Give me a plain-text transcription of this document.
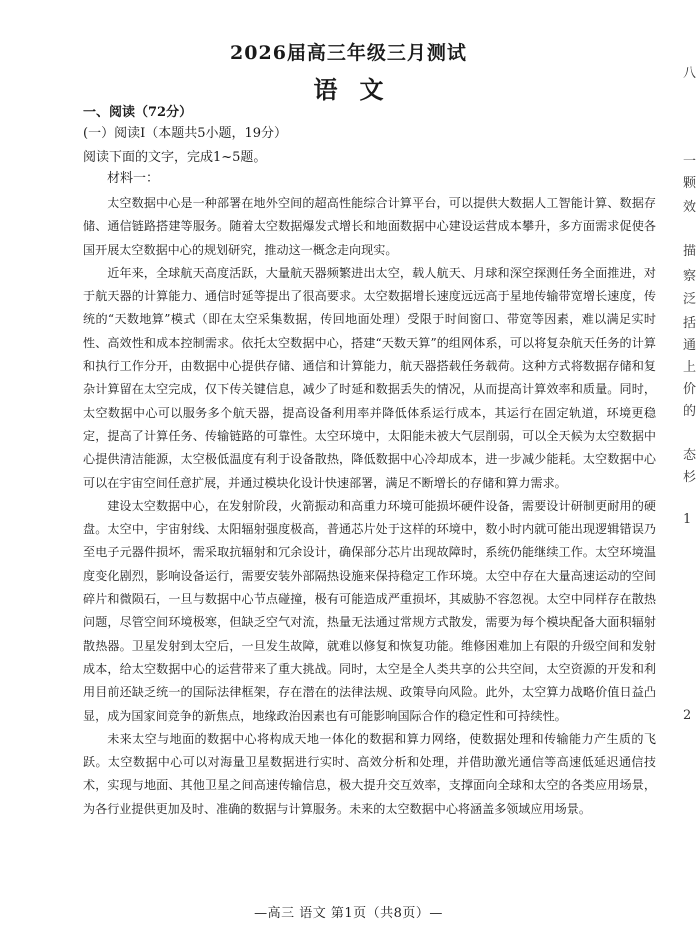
2026届高三年级三月测试
语文
一、阅读（72分）
(一）阅读I（本题共5小题，19分）
阅读下面的文字，完成1~5题。
材料一：

太空数据中心是一种部署在地外空间的超高性能综合计算平台，可以提供大数据人工智能计算、数据存储、通信链路搭建等服务。随着太空数据爆发式增长和地面数据中心建设运营成本攀升，多方面需求促使各国开展太空数据中心的规划研究，推动这一概念走向现实。

近年来，全球航天高度活跃，大量航天器频繁进出太空，载人航天、月球和深空探测任务全面推进，对于航天器的计算能力、通信时延等提出了很高要求。太空数据增长速度远远高于星地传输带宽增长速度，传统的“天数地算”模式（即在太空采集数据，传回地面处理）受限于时间窗口、带宽等因素，难以满足实时性、高效性和成本控制需求。依托太空数据中心，搭建“天数天算”的组网体系，可以将复杂航天任务的计算和执行工作分开，由数据中心提供存储、通信和计算能力，航天器搭载任务载荷。这种方式将数据存储和复杂计算留在太空完成，仅下传关键信息，减少了时延和数据丢失的情况，从而提高计算效率和质量。同时，太空数据中心可以服务多个航天器，提高设备利用率并降低体系运行成本，其运行在固定轨道，环境更稳定，提高了计算任务、传输链路的可靠性。太空环境中，太阳能未被大气层削弱，可以全天候为太空数据中心提供清洁能源，太空极低温度有利于设备散热，降低数据中心冷却成本，进一步减少能耗。太空数据中心可以在宇宙空间任意扩展，并通过模块化设计快速部署，满足不断增长的存储和算力需求。

建设太空数据中心，在发射阶段，火箭振动和高重力环境可能损坏硬件设备，需要设计研制更耐用的硬盘。太空中，宇宙射线、太阳辐射强度极高，普通芯片处于这样的环境中，数小时内就可能出现逻辑错误乃至电子元器件损坏，需采取抗辐射和冗余设计，确保部分芯片出现故障时，系统仍能继续工作。太空环境温度变化剧烈，影响设备运行，需要安装外部隔热设施来保持稳定工作环境。太空中存在大量高速运动的空间碎片和微陨石，一旦与数据中心节点碰撞，极有可能造成严重损坏，其威胁不容忽视。太空中同样存在散热问题，尽管空间环境极寒，但缺乏空气对流，热量无法通过常规方式散发，需要为每个模块配备大面积辐射散热器。卫星发射到太空后，一旦发生故障，就难以修复和恢复功能。维修困难加上有限的升级空间和发射成本，给太空数据中心的运营带来了重大挑战。同时，太空是全人类共享的公共空间，太空资源的开发和利用目前还缺乏统一的国际法律框架，存在潜在的法律法规、政策导向风险。此外，太空算力战略价值日益凸显，成为国家间竞争的新焦点，地缘政治因素也有可能影响国际合作的稳定性和可持续性。

未来太空与地面的数据中心将构成天地一体化的数据和算力网络，使数据处理和传输能力产生质的飞跃。太空数据中心可以对海量卫星数据进行实时、高效分析和处理，并借助激光通信等高速低延迟通信技术，实现与地面、其他卫星之间高速传输信息，极大提升交互效率，支撑面向全球和太空的各类应用场景，为各行业提供更加及时、准确的数据与计算服务。未来的太空数据中心将涵盖多领域应用场景。

—高三 语文 第1页（共8页）—
八
一
颗
效
描
察
泛
括
通
上
价
的
态
杉
1
2
